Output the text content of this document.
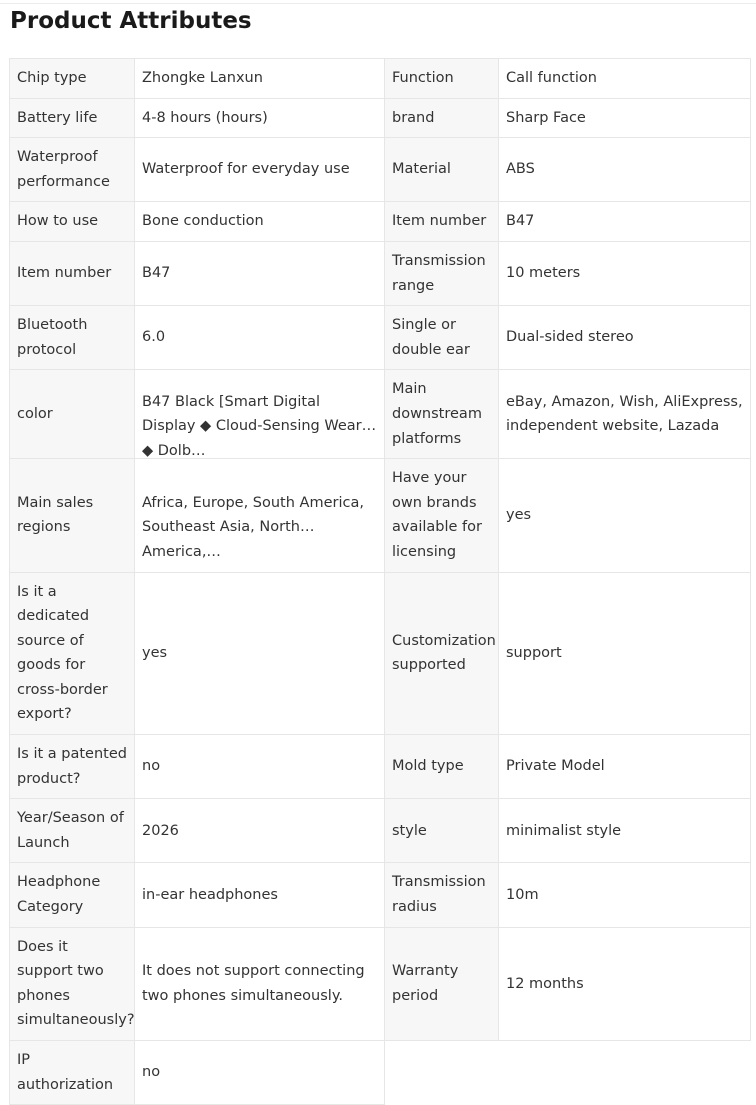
Product Attributes
Chip type	Zhongke Lanxun	Function	Call function

Battery life	4-8 hours (hours)	brand	Sharp Face

Waterproof performance	Waterproof for everyday use	Material	ABS

How to use	Bone conduction	Item number	B47

Item number	B47	Transmission range	10 meters

Bluetooth protocol	6.0	Single or double ear	Dual-sided stereo

color	B47 Black [Smart Digital Display ◆ Cloud-Sensing Wear ◆ Dolb…	Main downstream platforms	eBay, Amazon, Wish, AliExpress, independent website, Lazada

Main sales regions	Africa, Europe, South America, Southeast Asia, North America,…	Have your own brands available for licensing	yes

Is it a dedicated source of goods for cross-border export?	yes	Customization supported	support

Is it a patented product?	no	Mold type	Private Model

Year/Season of Launch	2026	style	minimalist style

Headphone Category	in-ear headphones	Transmission radius	10m

Does it support two phones simultaneously?	It does not support connecting two phones simultaneously.	Warranty period	12 months

IP authorization	no		
